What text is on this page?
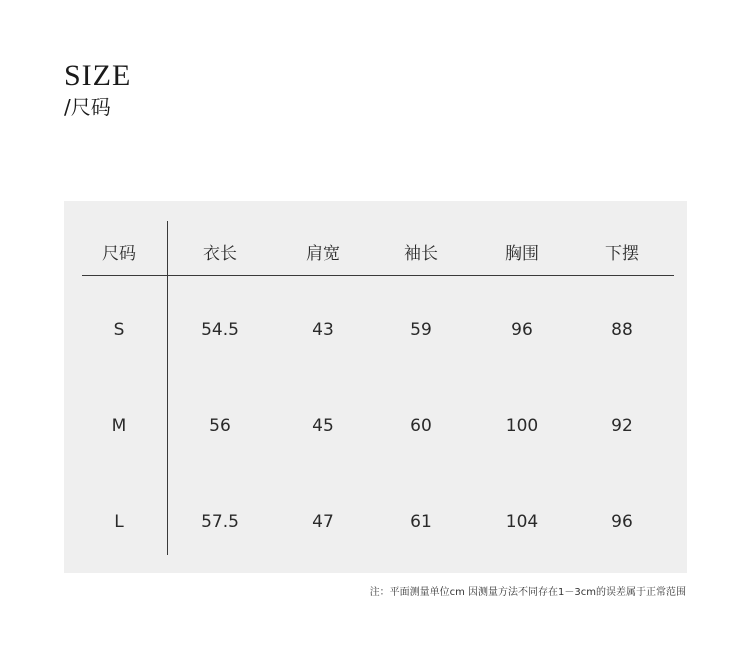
SIZE
/尺码
尺码	衣长	肩宽	袖长	胸围	下摆
S	54.5	43	59	96	88
M	56	45	60	100	92
L	57.5	47	61	104	96
注：平面测量单位cm 因测量方法不同存在1－3cm的误差属于正常范围
